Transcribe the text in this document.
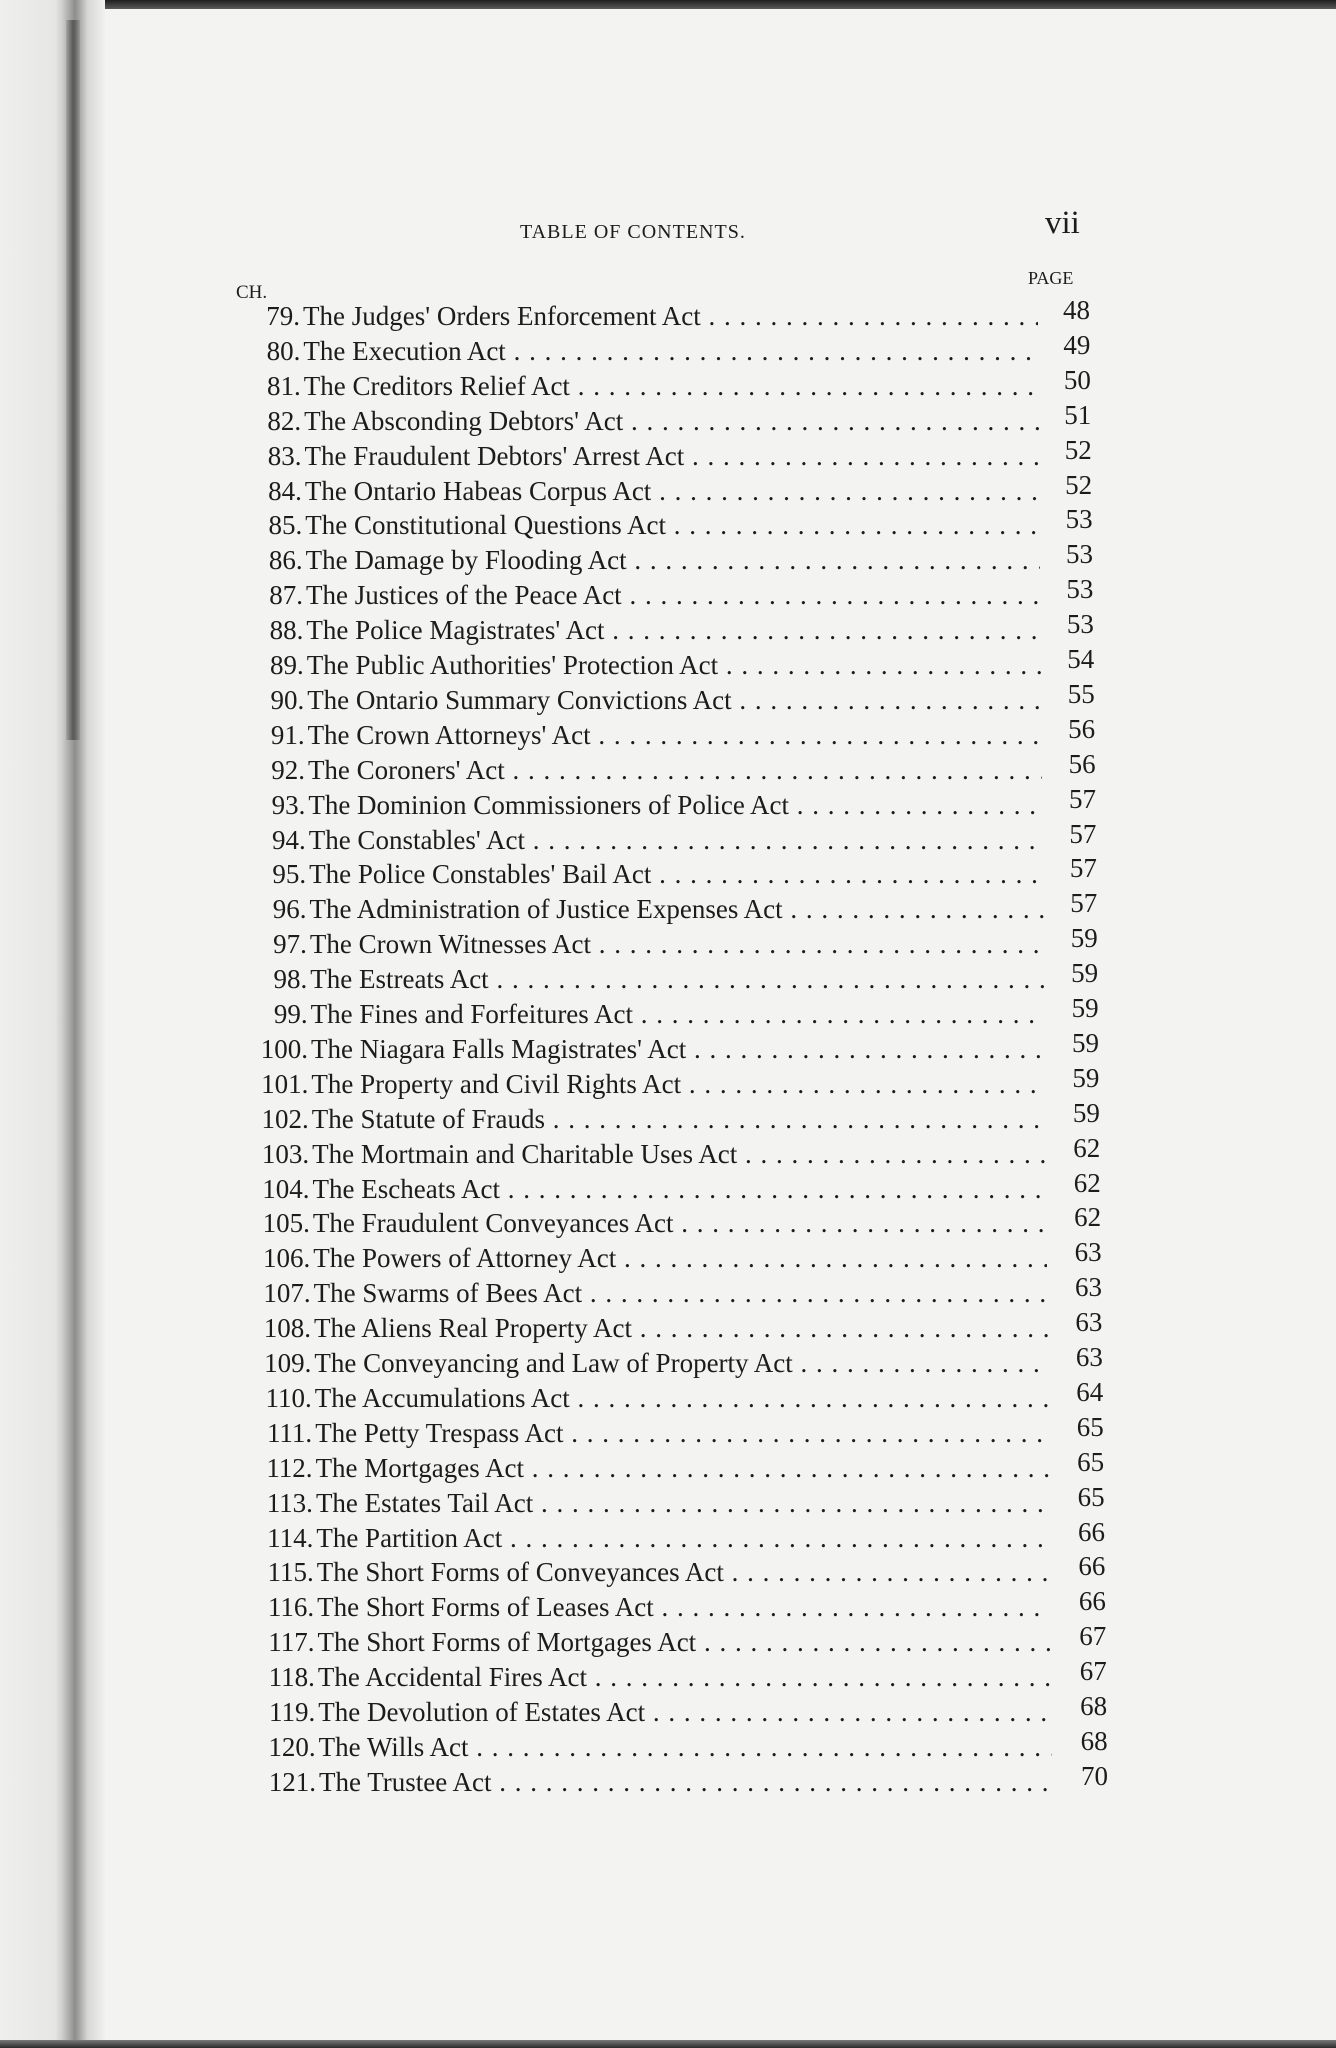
TABLE OF CONTENTS.	vii
CH.
PAGE
79. The Judges' Orders Enforcement Act . . .	48
80. The Execution Act . . .	49
81. The Creditors Relief Act . . .	50
82. The Absconding Debtors' Act . . .	51
83. The Fraudulent Debtors' Arrest Act . . .	52
84. The Ontario Habeas Corpus Act . . .	52
85. The Constitutional Questions Act . . .	53
86. The Damage by Flooding Act . . .	53
87. The Justices of the Peace Act . . .	53
88. The Police Magistrates' Act . . .	53
89. The Public Authorities' Protection Act . . .	54
90. The Ontario Summary Convictions Act . . .	55
91. The Crown Attorneys' Act . . .	56
92. The Coroners' Act . . .	56
93. The Dominion Commissioners of Police Act . . .	57
94. The Constables' Act . . .	57
95. The Police Constables' Bail Act . . .	57
96. The Administration of Justice Expenses Act . . .	57
97. The Crown Witnesses Act . . .	59
98. The Estreats Act . . .	59
99. The Fines and Forfeitures Act . . .	59
100. The Niagara Falls Magistrates' Act . . .	59
101. The Property and Civil Rights Act . . .	59
102. The Statute of Frauds . . .	59
103. The Mortmain and Charitable Uses Act . . .	62
104. The Escheats Act . . .	62
105. The Fraudulent Conveyances Act . . .	62
106. The Powers of Attorney Act . . .	63
107. The Swarms of Bees Act . . .	63
108. The Aliens Real Property Act . . .	63
109. The Conveyancing and Law of Property Act . . .	63
110. The Accumulations Act . . .	64
111. The Petty Trespass Act . . .	65
112. The Mortgages Act . . .	65
113. The Estates Tail Act . . .	65
114. The Partition Act . . .	66
115. The Short Forms of Conveyances Act . . .	66
116. The Short Forms of Leases Act . . .	66
117. The Short Forms of Mortgages Act . . .	67
118. The Accidental Fires Act . . .	67
119. The Devolution of Estates Act . . .	68
120. The Wills Act . . .	68
121. The Trustee Act . . .	70
